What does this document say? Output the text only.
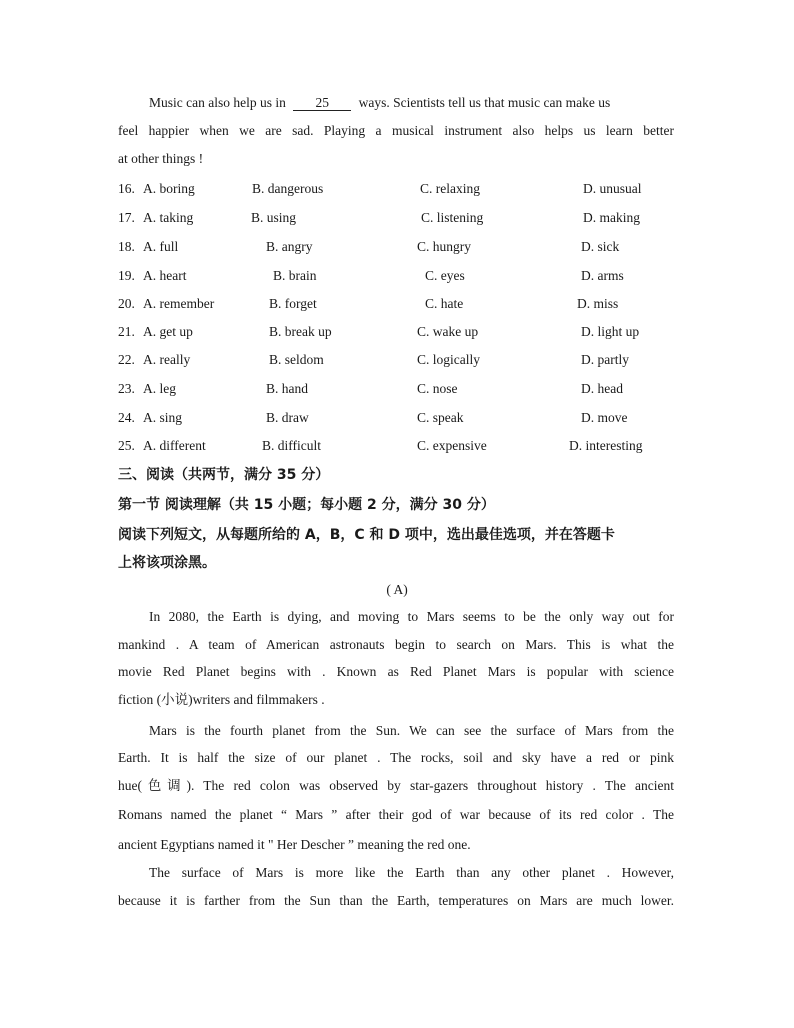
Music can also help us in 25 ways. Scientists tell us that music can make us
feel happier when we are sad. Playing a musical instrument also helps us learn better
at other things !
16. A. boring	B. dangerous	C. relaxing	D. unusual
17. A. taking	B. using	C. listening	D. making
18. A. full	B. angry	C. hungry	D. sick
19. A. heart	B. brain	C. eyes	D. arms
20. A. remember	B. forget	C. hate	D. miss
21. A. get up	B. break up	C. wake up	D. light up
22. A. really	B. seldom	C. logically	D. partly
23. A. leg	B. hand	C. nose	D. head
24. A. sing	B. draw	C. speak	D. move
25. A. different	B. difficult	C. expensive	D. interesting
三、阅读（共两节，满分 35 分）
第一节 阅读理解（共 15 小题；每小题 2 分，满分 30 分）
阅读下列短文，从每题所给的 A，B，C 和 D 项中，选出最佳选项，并在答题卡
上将该项涂黑。
( A)
In 2080, the Earth is dying, and moving to Mars seems to be the only way out for
mankind . A team of American astronauts begin to search on Mars. This is what the
movie Red Planet begins with . Known as Red Planet Mars is popular with science
fiction (小说)writers and filmmakers .
Mars is the fourth planet from the Sun. We can see the surface of Mars from the
Earth. It is half the size of our planet . The rocks, soil and sky have a red or pink
hue(色调). The red colon was observed by star-gazers throughout history . The ancient
Romans named the planet “ Mars ” after their god of war because of its red color . The
ancient Egyptians named it " Her Descher ” meaning the red one.
The surface of Mars is more like the Earth than any other planet . However,
because it is farther from the Sun than the Earth, temperatures on Mars are much lower.
